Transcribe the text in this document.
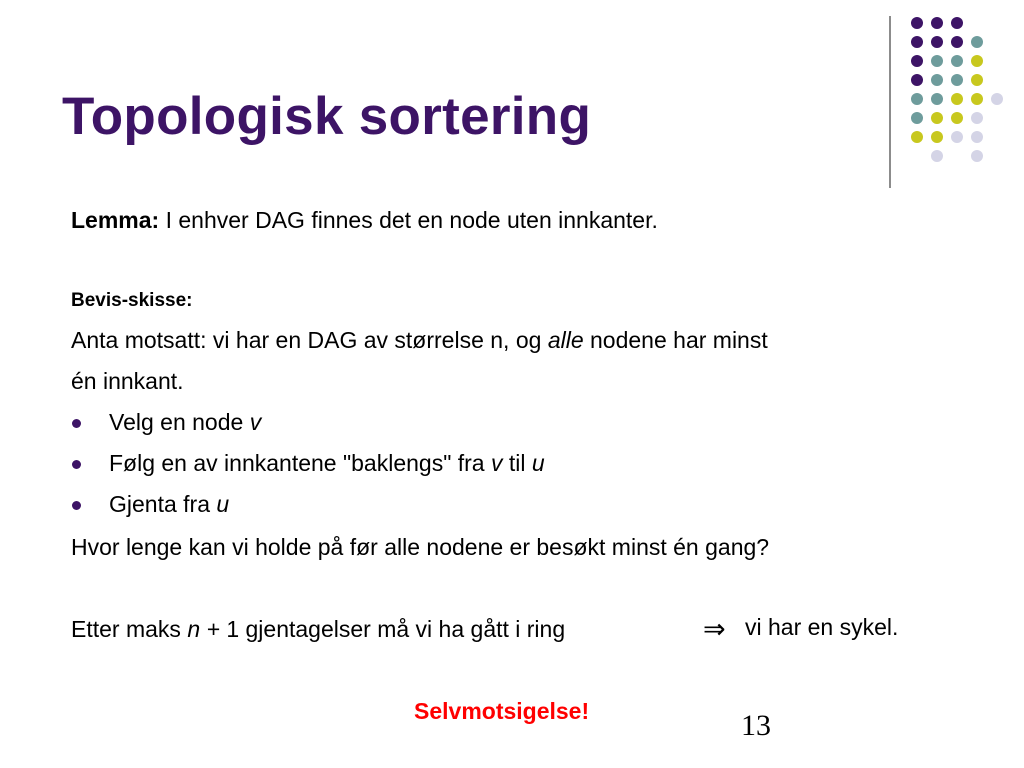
Topologisk sortering
Lemma: I enhver DAG finnes det en node uten innkanter.
Bevis-skisse:
Anta motsatt: vi har en DAG av størrelse n, og alle nodene har minst
én innkant.
Velg en node v
Følg en av innkantene "baklengs" fra v til u
Gjenta fra u
Hvor lenge kan vi holde på før alle nodene er besøkt minst én gang?
Etter maks n + 1 gjentagelser må vi ha gått i ring	⇒ vi har en sykel.
Selvmotsigelse!	13
